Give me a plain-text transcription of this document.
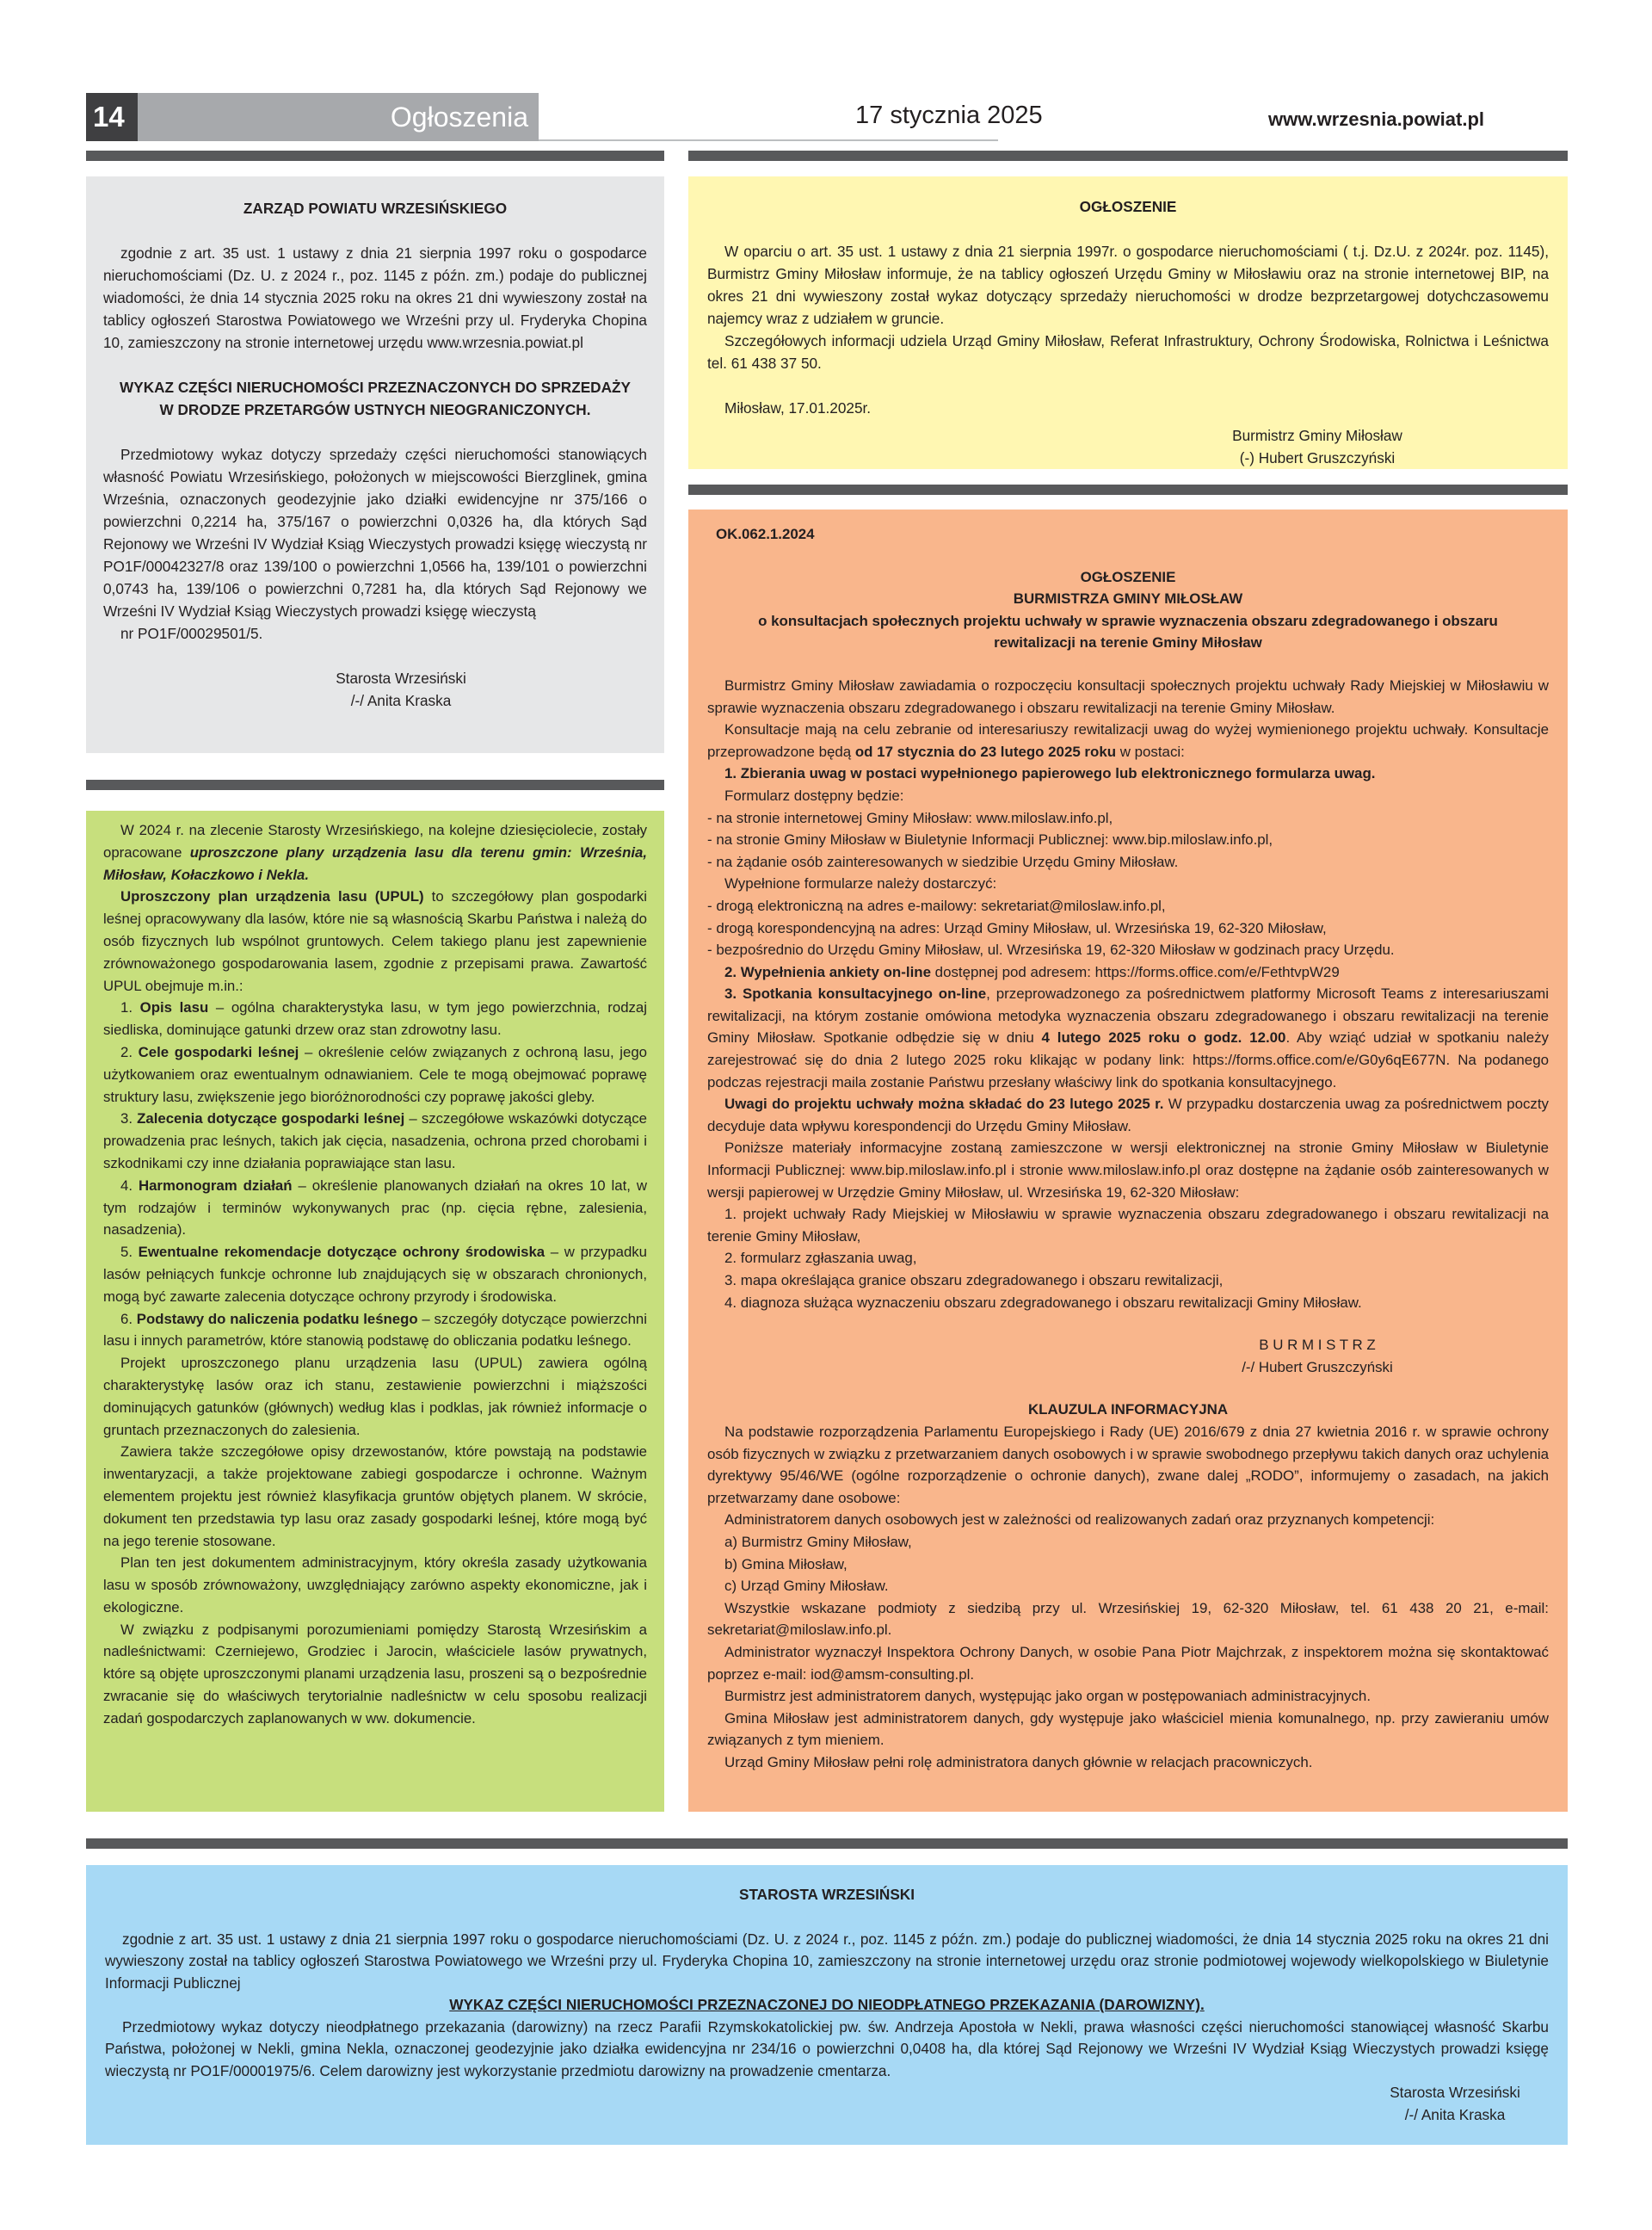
14	Ogłoszenia	17 stycznia 2025	www.wrzesnia.powiat.pl

ZARZĄD POWIATU WRZESIŃSKIEGO

zgodnie z art. 35 ust. 1 ustawy z dnia 21 sierpnia 1997 roku o gospodarce nieruchomościami (Dz. U. z 2024 r., poz. 1145 z późn. zm.) podaje do publicznej wiadomości, że dnia 14 stycznia 2025 roku na okres 21 dni wywieszony został na tablicy ogłoszeń Starostwa Powiatowego we Wrześni przy ul. Fryderyka Chopina 10, zamieszczony na stronie internetowej urzędu www.wrzesnia.powiat.pl

WYKAZ CZĘŚCI NIERUCHOMOŚCI PRZEZNACZONYCH DO SPRZEDAŻY W DRODZE PRZETARGÓW USTNYCH NIEOGRANICZONYCH.

Przedmiotowy wykaz dotyczy sprzedaży części nieruchomości stanowiących własność Powiatu Wrzesińskiego, położonych w miejscowości Bierzglinek, gmina Września, oznaczonych geodezyjnie jako działki ewidencyjne nr 375/166 o powierzchni 0,2214 ha, 375/167 o powierzchni 0,0326 ha, dla których Sąd Rejonowy we Wrześni IV Wydział Ksiąg Wieczystych prowadzi księgę wieczystą nr PO1F/00042327/8 oraz 139/100 o powierzchni 1,0566 ha, 139/101 o powierzchni 0,0743 ha, 139/106 o powierzchni 0,7281 ha, dla których Sąd Rejonowy we Wrześni IV Wydział Ksiąg Wieczystych prowadzi księgę wieczystą

nr PO1F/00029501/5.

Starosta Wrzesiński

/-/ Anita Kraska

OGŁOSZENIE

W oparciu o art. 35 ust. 1 ustawy z dnia 21 sierpnia 1997r. o gospodarce nieruchomościami ( t.j. Dz.U. z 2024r. poz. 1145), Burmistrz Gminy Miłosław informuje, że na tablicy ogłoszeń Urzędu Gminy w Miłosławiu oraz na stronie internetowej BIP, na okres 21 dni wywieszony został wykaz dotyczący sprzedaży nieruchomości w drodze bezprzetargowej dotychczasowemu najemcy wraz z udziałem w gruncie.

Szczegółowych informacji udziela Urząd Gminy Miłosław, Referat Infrastruktury, Ochrony Środowiska, Rolnictwa i Leśnictwa tel. 61 438 37 50.

Miłosław, 17.01.2025r.

Burmistrz Gminy Miłosław

(-) Hubert Gruszczyński

OK.062.1.2024

OGŁOSZENIE

BURMISTRZA GMINY MIŁOSŁAW

o konsultacjach społecznych projektu uchwały w sprawie wyznaczenia obszaru zdegradowanego i obszaru rewitalizacji na terenie Gminy Miłosław

Burmistrz Gminy Miłosław zawiadamia o rozpoczęciu konsultacji społecznych projektu uchwały Rady Miejskiej w Miłosławiu w sprawie wyznaczenia obszaru zdegradowanego i obszaru rewitalizacji na terenie Gminy Miłosław.

Konsultacje mają na celu zebranie od interesariuszy rewitalizacji uwag do wyżej wymienionego projektu uchwały. Konsultacje przeprowadzone będą od 17 stycznia do 23 lutego 2025 roku w postaci:

1. Zbierania uwag w postaci wypełnionego papierowego lub elektronicznego formularza uwag.

Formularz dostępny będzie:

- na stronie internetowej Gminy Miłosław: www.miloslaw.info.pl,

- na stronie Gminy Miłosław w Biuletynie Informacji Publicznej: www.bip.miloslaw.info.pl,

- na żądanie osób zainteresowanych w siedzibie Urzędu Gminy Miłosław.

Wypełnione formularze należy dostarczyć:

- drogą elektroniczną na adres e-mailowy: sekretariat@miloslaw.info.pl,

- drogą korespondencyjną na adres: Urząd Gminy Miłosław, ul. Wrzesińska 19, 62-320 Miłosław,

- bezpośrednio do Urzędu Gminy Miłosław, ul. Wrzesińska 19, 62-320 Miłosław w godzinach pracy Urzędu.

2. Wypełnienia ankiety on-line dostępnej pod adresem: https://forms.office.com/e/FethtvpW29

3. Spotkania konsultacyjnego on-line, przeprowadzonego za pośrednictwem platformy Microsoft Teams z interesariuszami rewitalizacji, na którym zostanie omówiona metodyka wyznaczenia obszaru zdegradowanego i obszaru rewitalizacji na terenie Gminy Miłosław. Spotkanie odbędzie się w dniu 4 lutego 2025 roku o godz. 12.00. Aby wziąć udział w spotkaniu należy zarejestrować się do dnia 2 lutego 2025 roku klikając w podany link: https://forms.office.com/e/G0y6qE677N. Na podanego podczas rejestracji maila zostanie Państwu przesłany właściwy link do spotkania konsultacyjnego.

Uwagi do projektu uchwały można składać do 23 lutego 2025 r. W przypadku dostarczenia uwag za pośrednictwem poczty decyduje data wpływu korespondencji do Urzędu Gminy Miłosław.

Poniższe materiały informacyjne zostaną zamieszczone w wersji elektronicznej na stronie Gminy Miłosław w Biuletynie Informacji Publicznej: www.bip.miloslaw.info.pl i stronie www.miloslaw.info.pl oraz dostępne na żądanie osób zainteresowanych w wersji papierowej w Urzędzie Gminy Miłosław, ul. Wrzesińska 19, 62-320 Miłosław:

1. projekt uchwały Rady Miejskiej w Miłosławiu w sprawie wyznaczenia obszaru zdegradowanego i obszaru rewitalizacji na terenie Gminy Miłosław,

2. formularz zgłaszania uwag,

3. mapa określająca granice obszaru zdegradowanego i obszaru rewitalizacji,

4. diagnoza służąca wyznaczeniu obszaru zdegradowanego i obszaru rewitalizacji Gminy Miłosław.

B U R M I S T R Z

/-/ Hubert Gruszczyński

KLAUZULA INFORMACYJNA

Na podstawie rozporządzenia Parlamentu Europejskiego i Rady (UE) 2016/679 z dnia 27 kwietnia 2016 r. w sprawie ochrony osób fizycznych w związku z przetwarzaniem danych osobowych i w sprawie swobodnego przepływu takich danych oraz uchylenia dyrektywy 95/46/WE (ogólne rozporządzenie o ochronie danych), zwane dalej „RODO”, informujemy o zasadach, na jakich przetwarzamy dane osobowe:

Administratorem danych osobowych jest w zależności od realizowanych zadań oraz przyznanych kompetencji:

a) Burmistrz Gminy Miłosław,

b) Gmina Miłosław,

c) Urząd Gminy Miłosław.

Wszystkie wskazane podmioty z siedzibą przy ul. Wrzesińskiej 19, 62-320 Miłosław, tel. 61 438 20 21, e-mail: sekretariat@miloslaw.info.pl.

Administrator wyznaczył Inspektora Ochrony Danych, w osobie Pana Piotr Majchrzak, z inspektorem można się skontaktować poprzez e-mail: iod@amsm-consulting.pl.

Burmistrz jest administratorem danych, występując jako organ w postępowaniach administracyjnych.

Gmina Miłosław jest administratorem danych, gdy występuje jako właściciel mienia komunalnego, np. przy zawieraniu umów związanych z tym mieniem.

Urząd Gminy Miłosław pełni rolę administratora danych głównie w relacjach pracowniczych.

W 2024 r. na zlecenie Starosty Wrzesińskiego, na kolejne dziesięciolecie, zostały opracowane uproszczone plany urządzenia lasu dla terenu gmin: Września, Miłosław, Kołaczkowo i Nekla.

Uproszczony plan urządzenia lasu (UPUL) to szczegółowy plan gospodarki leśnej opracowywany dla lasów, które nie są własnością Skarbu Państwa i należą do osób fizycznych lub wspólnot gruntowych. Celem takiego planu jest zapewnienie zrównoważonego gospodarowania lasem, zgodnie z przepisami prawa. Zawartość UPUL obejmuje m.in.:

1. Opis lasu – ogólna charakterystyka lasu, w tym jego powierzchnia, rodzaj siedliska, dominujące gatunki drzew oraz stan zdrowotny lasu.

2. Cele gospodarki leśnej – określenie celów związanych z ochroną lasu, jego użytkowaniem oraz ewentualnym odnawianiem. Cele te mogą obejmować poprawę struktury lasu, zwiększenie jego bioróżnorodności czy poprawę jakości gleby.

3. Zalecenia dotyczące gospodarki leśnej – szczegółowe wskazówki dotyczące prowadzenia prac leśnych, takich jak cięcia, nasadzenia, ochrona przed chorobami i szkodnikami czy inne działania poprawiające stan lasu.

4. Harmonogram działań – określenie planowanych działań na okres 10 lat, w tym rodzajów i terminów wykonywanych prac (np. cięcia rębne, zalesienia, nasadzenia).

5. Ewentualne rekomendacje dotyczące ochrony środowiska – w przypadku lasów pełniących funkcje ochronne lub znajdujących się w obszarach chronionych, mogą być zawarte zalecenia dotyczące ochrony przyrody i środowiska.

6. Podstawy do naliczenia podatku leśnego – szczegóły dotyczące powierzchni lasu i innych parametrów, które stanowią podstawę do obliczania podatku leśnego.

Projekt uproszczonego planu urządzenia lasu (UPUL) zawiera ogólną charakterystykę lasów oraz ich stanu, zestawienie powierzchni i miąższości dominujących gatunków (głównych) według klas i podklas, jak również informacje o gruntach przeznaczonych do zalesienia.

Zawiera także szczegółowe opisy drzewostanów, które powstają na podstawie inwentaryzacji, a także projektowane zabiegi gospodarcze i ochronne. Ważnym elementem projektu jest również klasyfikacja gruntów objętych planem. W skrócie, dokument ten przedstawia typ lasu oraz zasady gospodarki leśnej, które mogą być na jego terenie stosowane.

Plan ten jest dokumentem administracyjnym, który określa zasady użytkowania lasu w sposób zrównoważony, uwzględniający zarówno aspekty ekonomiczne, jak i ekologiczne.

W związku z podpisanymi porozumieniami pomiędzy Starostą Wrzesińskim a nadleśnictwami: Czerniejewo, Grodziec i Jarocin, właściciele lasów prywatnych, które są objęte uproszczonymi planami urządzenia lasu, proszeni są o bezpośrednie zwracanie się do właściwych terytorialnie nadleśnictw w celu sposobu realizacji zadań gospodarczych zaplanowanych w ww. dokumencie.

STAROSTA WRZESIŃSKI

zgodnie z art. 35 ust. 1 ustawy z dnia 21 sierpnia 1997 roku o gospodarce nieruchomościami (Dz. U. z 2024 r., poz. 1145 z późn. zm.) podaje do publicznej wiadomości, że dnia 14 stycznia 2025 roku na okres 21 dni wywieszony został na tablicy ogłoszeń Starostwa Powiatowego we Wrześni przy ul. Fryderyka Chopina 10, zamieszczony na stronie internetowej urzędu oraz stronie podmiotowej wojewody wielkopolskiego w Biuletynie Informacji Publicznej

WYKAZ CZĘŚCI NIERUCHOMOŚCI PRZEZNACZONEJ DO NIEODPŁATNEGO PRZEKAZANIA (DAROWIZNY).

Przedmiotowy wykaz dotyczy nieodpłatnego przekazania (darowizny) na rzecz Parafii Rzymskokatolickiej pw. św. Andrzeja Apostoła w Nekli, prawa własności części nieruchomości stanowiącej własność Skarbu Państwa, położonej w Nekli, gmina Nekla, oznaczonej geodezyjnie jako działka ewidencyjna nr 234/16 o powierzchni 0,0408 ha, dla której Sąd Rejonowy we Wrześni IV Wydział Ksiąg Wieczystych prowadzi księgę wieczystą nr PO1F/00001975/6. Celem darowizny jest wykorzystanie przedmiotu darowizny na prowadzenie cmentarza.

Starosta Wrzesiński

/-/ Anita Kraska
